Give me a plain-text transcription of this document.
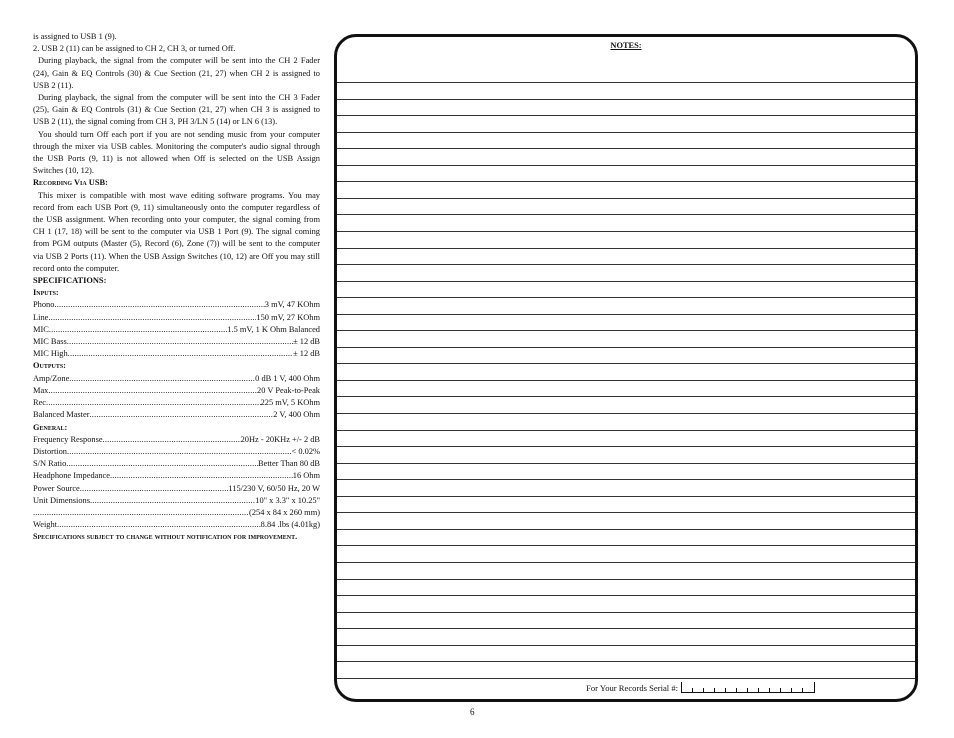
is assigned to USB 1 (9).

2. USB 2 (11) can be assigned to CH 2, CH 3, or turned Off.

During playback, the signal from the computer will be sent into the CH 2 Fader (24), Gain & EQ Controls (30) & Cue Section (21, 27) when CH 2 is assigned to USB 2 (11).

During playback, the signal from the computer will be sent into the CH 3 Fader (25), Gain & EQ Controls (31) & Cue Section (21, 27) when CH 3 is assigned to USB 2 (11), the signal coming from CH 3, PH 3/LN 5 (14) or LN 6 (13).

You should turn Off each port if you are not sending music from your computer through the mixer via USB cables. Monitoring the computer's audio signal through the USB Ports (9, 11) is not allowed when Off is selected on the USB Assign Switches (10, 12).

Recording Via USB:

This mixer is compatible with most wave editing software programs. You may record from each USB Port (9, 11) simultaneously onto the computer regardless of the USB assignment. When recording onto your computer, the signal coming from CH 1 (17, 18) will be sent to the computer via USB 1 Port (9). The signal coming from PGM outputs (Master (5), Record (6), Zone (7)) will be sent to the computer via USB 2 Ports (11). When the USB Assign Switches (10, 12) are Off you may still record onto the computer.

SPECIFICATIONS:

Inputs:

Phono .....	3 mV, 47 KOhm
Line .....	150 mV, 27 KOhm
MIC .....	1.5 mV, 1 K Ohm Balanced
MIC Bass .....	± 12 dB
MIC High .....	± 12 dB

Outputs:

Amp/Zone .....	0 dB 1 V, 400 Ohm
Max .....	20 V Peak-to-Peak
Rec .....	225 mV, 5 KOhm
Balanced Master .....	2 V, 400 Ohm

General:

Frequency Response .....	20Hz - 20KHz +/- 2 dB
Distortion .....	< 0.02%
S/N Ratio .....	Better Than 80 dB
Headphone Impedance .....	16 Ohm
Power Source .....	115/230 V, 60/50 Hz, 20 W
Unit Dimensions .....	10" x 3.3" x 10.25"
.....
(254 x 84 x 260 mm)
Weight .....	8.84 .lbs (4.01kg)

Specifications subject to change without notification for improvement.

NOTES:
For Your Records Serial #:
6
